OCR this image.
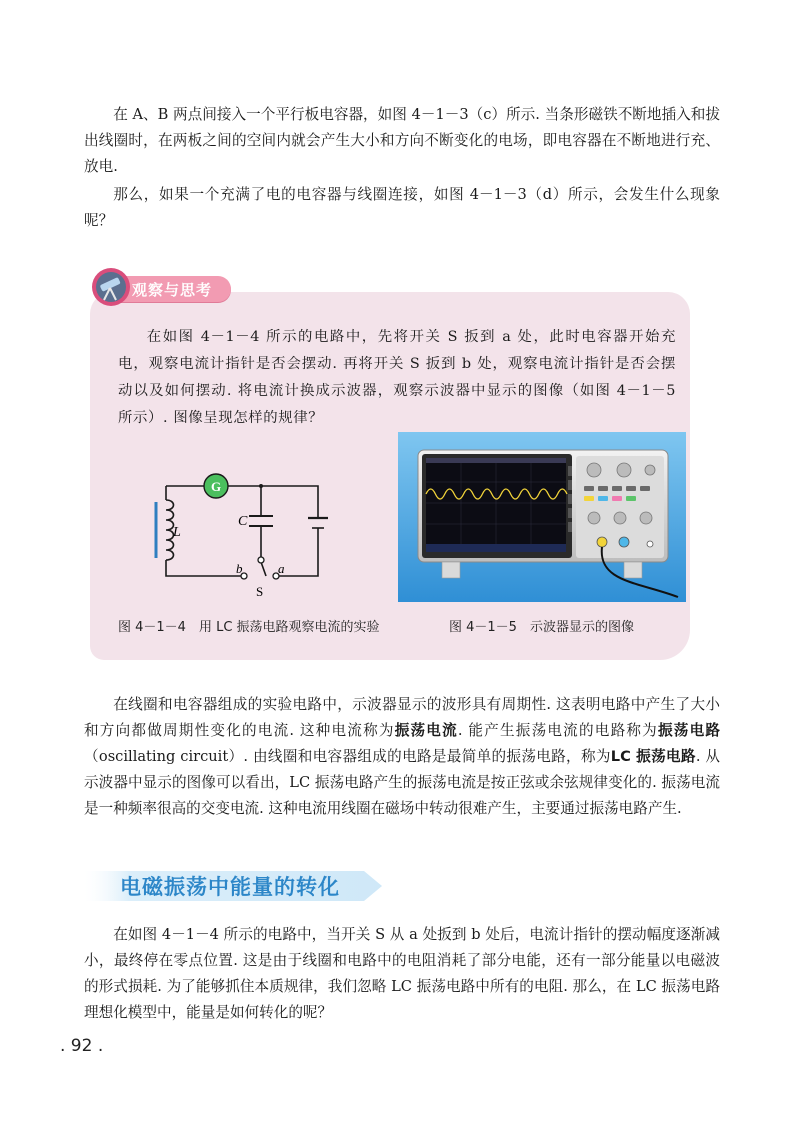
在 A、B 两点间接入一个平行板电容器，如图 4－1－3（c）所示. 当条形磁铁不断地插入和拔出线圈时，在两板之间的空间内就会产生大小和方向不断变化的电场，即电容器在不断地进行充、放电.

那么，如果一个充满了电的电容器与线圈连接，如图 4－1－3（d）所示，会发生什么现象呢？

观察与思考

在如图 4－1－4 所示的电路中，先将开关 S 扳到 a 处，此时电容器开始充电，观察电流计指针是否会摆动. 再将开关 S 扳到 b 处，观察电流计指针是否会摆动以及如何摆动. 将电流计换成示波器，观察示波器中显示的图像（如图 4－1－5 所示）. 图像呈现怎样的规律？

G
C
L
b	a
S
图 4－1－4　用 LC 振荡电路观察电流的实验	图 4－1－5　示波器显示的图像

在线圈和电容器组成的实验电路中，示波器显示的波形具有周期性. 这表明电路中产生了大小和方向都做周期性变化的电流. 这种电流称为振荡电流. 能产生振荡电流的电路称为振荡电路（oscillating circuit）. 由线圈和电容器组成的电路是最简单的振荡电路，称为LC 振荡电路. 从示波器中显示的图像可以看出，LC 振荡电路产生的振荡电流是按正弦或余弦规律变化的. 振荡电流是一种频率很高的交变电流. 这种电流用线圈在磁场中转动很难产生，主要通过振荡电路产生.

电磁振荡中能量的转化

在如图 4－1－4 所示的电路中，当开关 S 从 a 处扳到 b 处后，电流计指针的摆动幅度逐渐减小，最终停在零点位置. 这是由于线圈和电路中的电阻消耗了部分电能，还有一部分能量以电磁波的形式损耗. 为了能够抓住本质规律，我们忽略 LC 振荡电路中所有的电阻. 那么，在 LC 振荡电路理想化模型中，能量是如何转化的呢？

. 92 .
